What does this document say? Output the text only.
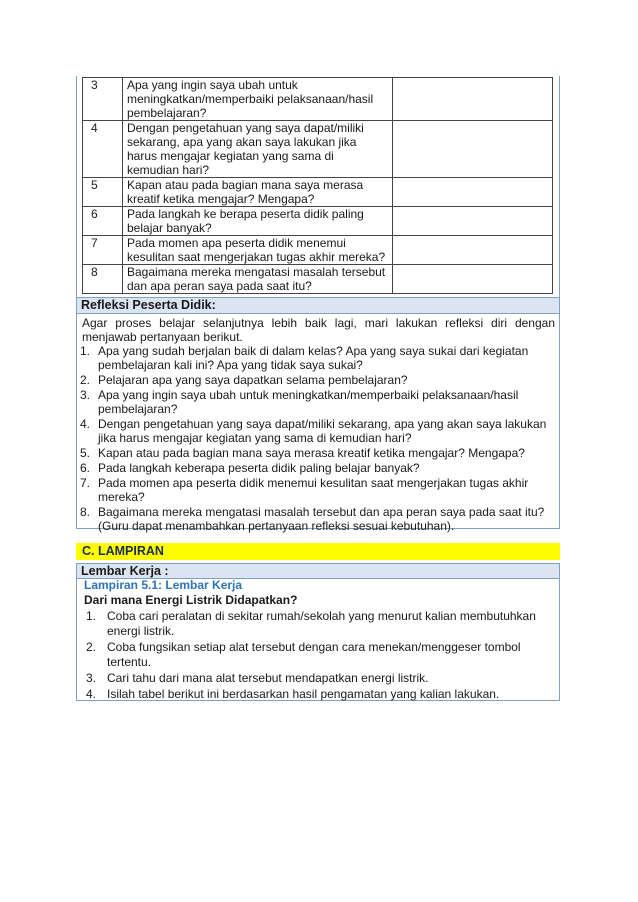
3	Apa yang ingin saya ubah untuk meningkatkan/memperbaiki pelaksanaan/hasil pembelajaran?	
4	Dengan pengetahuan yang saya dapat/miliki sekarang, apa yang akan saya lakukan jika harus mengajar kegiatan yang sama di kemudian hari?	
5	Kapan atau pada bagian mana saya merasa kreatif ketika mengajar? Mengapa?	
6	Pada langkah ke berapa peserta didik paling belajar banyak?	
7	Pada momen apa peserta didik menemui kesulitan saat mengerjakan tugas akhir mereka?	
8	Bagaimana mereka mengatasi masalah tersebut dan apa peran saya pada saat itu?	
Refleksi Peserta Didik:
Agar proses belajar selanjutnya lebih baik lagi, mari lakukan refleksi diri dengan menjawab pertanyaan berikut.
1. Apa yang sudah berjalan baik di dalam kelas? Apa yang saya sukai dari kegiatan pembelajaran kali ini? Apa yang tidak saya sukai?
2. Pelajaran apa yang saya dapatkan selama pembelajaran?
3. Apa yang ingin saya ubah untuk meningkatkan/memperbaiki pelaksanaan/hasil pembelajaran?
4. Dengan pengetahuan yang saya dapat/miliki sekarang, apa yang akan saya lakukan jika harus mengajar kegiatan yang sama di kemudian hari?
5. Kapan atau pada bagian mana saya merasa kreatif ketika mengajar? Mengapa?
6. Pada langkah keberapa peserta didik paling belajar banyak?
7. Pada momen apa peserta didik menemui kesulitan saat mengerjakan tugas akhir mereka?
8. Bagaimana mereka mengatasi masalah tersebut dan apa peran saya pada saat itu? (Guru dapat menambahkan pertanyaan refleksi sesuai kebutuhan).
C. LAMPIRAN
Lembar Kerja :
Lampiran 5.1: Lembar Kerja
Dari mana Energi Listrik Didapatkan?
1. Coba cari peralatan di sekitar rumah/sekolah yang menurut kalian membutuhkan energi listrik.
2. Coba fungsikan setiap alat tersebut dengan cara menekan/menggeser tombol tertentu.
3. Cari tahu dari mana alat tersebut mendapatkan energi listrik.
4. Isilah tabel berikut ini berdasarkan hasil pengamatan yang kalian lakukan.
